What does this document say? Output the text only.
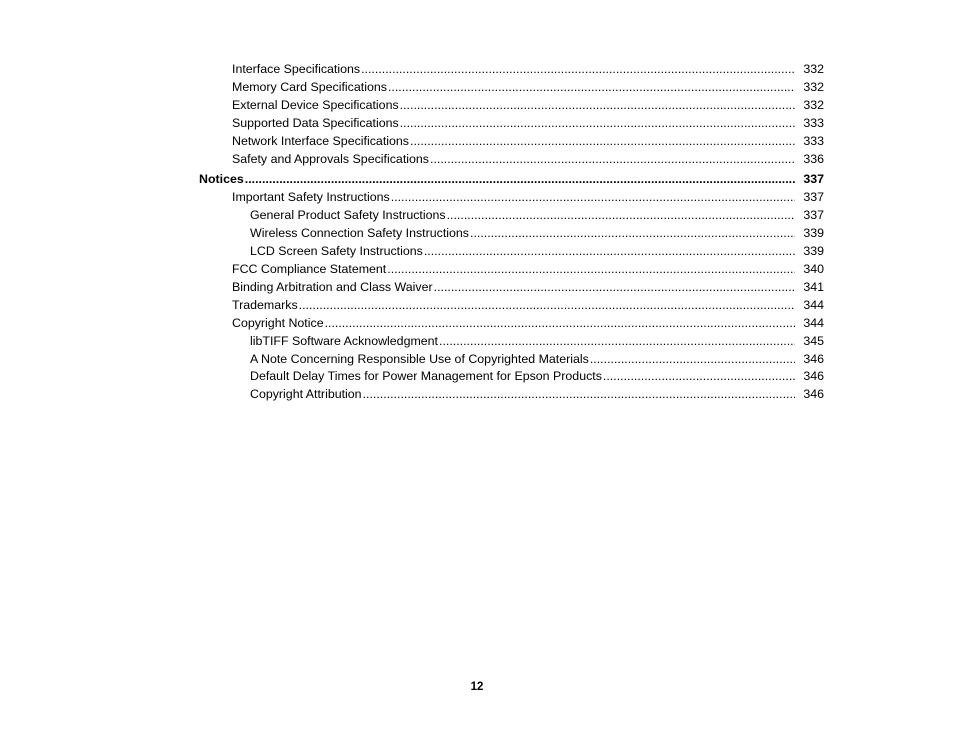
Interface Specifications .....	332
Memory Card Specifications .....	332
External Device Specifications .....	332
Supported Data Specifications .....	333
Network Interface Specifications .....	333
Safety and Approvals Specifications .....	336
Notices .....	337
Important Safety Instructions .....	337
General Product Safety Instructions .....	337
Wireless Connection Safety Instructions .....	339
LCD Screen Safety Instructions .....	339
FCC Compliance Statement .....	340
Binding Arbitration and Class Waiver .....	341
Trademarks .....	344
Copyright Notice .....	344
libTIFF Software Acknowledgment .....	345
A Note Concerning Responsible Use of Copyrighted Materials .....	346
Default Delay Times for Power Management for Epson Products .....	346
Copyright Attribution .....	346
12
